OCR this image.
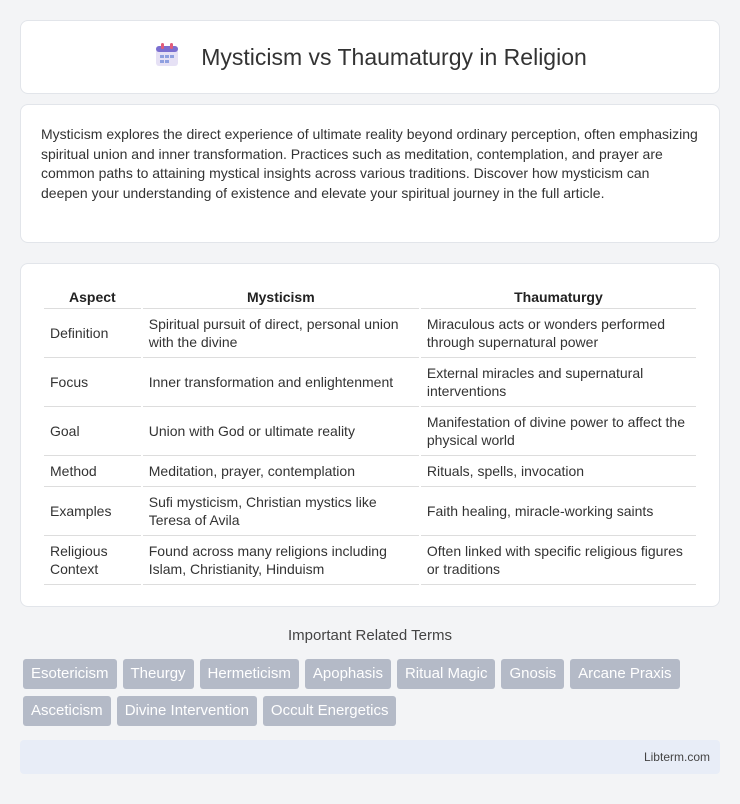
Mysticism vs Thaumaturgy in Religion

Mysticism explores the direct experience of ultimate reality beyond ordinary perception, often emphasizing spiritual union and inner transformation. Practices such as meditation, contemplation, and prayer are common paths to attaining mystical insights across various traditions. Discover how mysticism can deepen your understanding of existence and elevate your spiritual journey in the full article.

Aspect	Mysticism	Thaumaturgy
Definition	Spiritual pursuit of direct, personal union with the divine	Miraculous acts or wonders performed through supernatural power
Focus	Inner transformation and enlightenment	External miracles and supernatural interventions
Goal	Union with God or ultimate reality	Manifestation of divine power to affect the physical world
Method	Meditation, prayer, contemplation	Rituals, spells, invocation
Examples	Sufi mysticism, Christian mystics like Teresa of Avila	Faith healing, miracle-working saints
Religious Context	Found across many religions including Islam, Christianity, Hinduism	Often linked with specific religious figures or traditions
Important Related Terms
Esotericism	Theurgy	Hermeticism	Apophasis	Ritual Magic	Gnosis	Arcane Praxis
Asceticism	Divine Intervention	Occult Energetics
Libterm.com
